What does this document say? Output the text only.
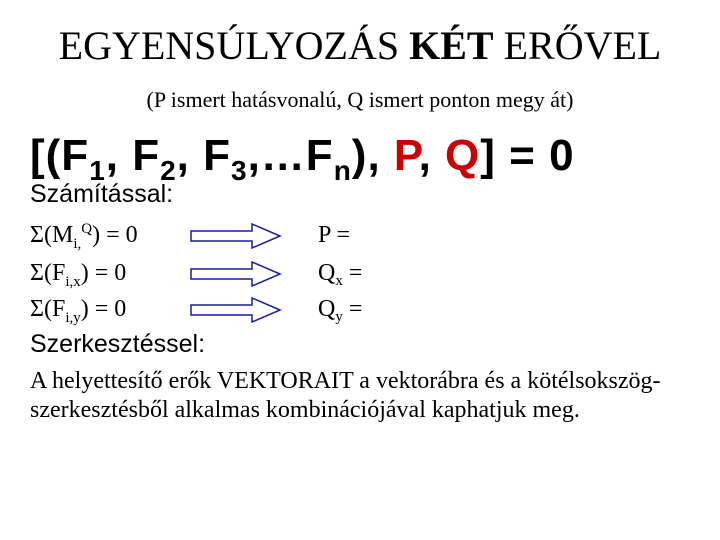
EGYENSÚLYOZÁS KÉT ERŐVEL
(P ismert hatásvonalú, Q ismert ponton megy át)
[($F_1$, $F_2$, $F_3,\dots F_n$), P, Q] = 0
Számítással:
$\Sigma(M_{i,}^Q) = 0$
$\Sigma(F_{i,x}) = 0$
$\Sigma(F_{i,y}) = 0$
P =
$Q_x$ =
$Q_y$ =
Szerkesztéssel:
A helyettesítő erők VEKTORAIT a vektorábra és a kötélsokszög-szerkesztésből alkalmas kombinációjával kaphatjuk meg.
